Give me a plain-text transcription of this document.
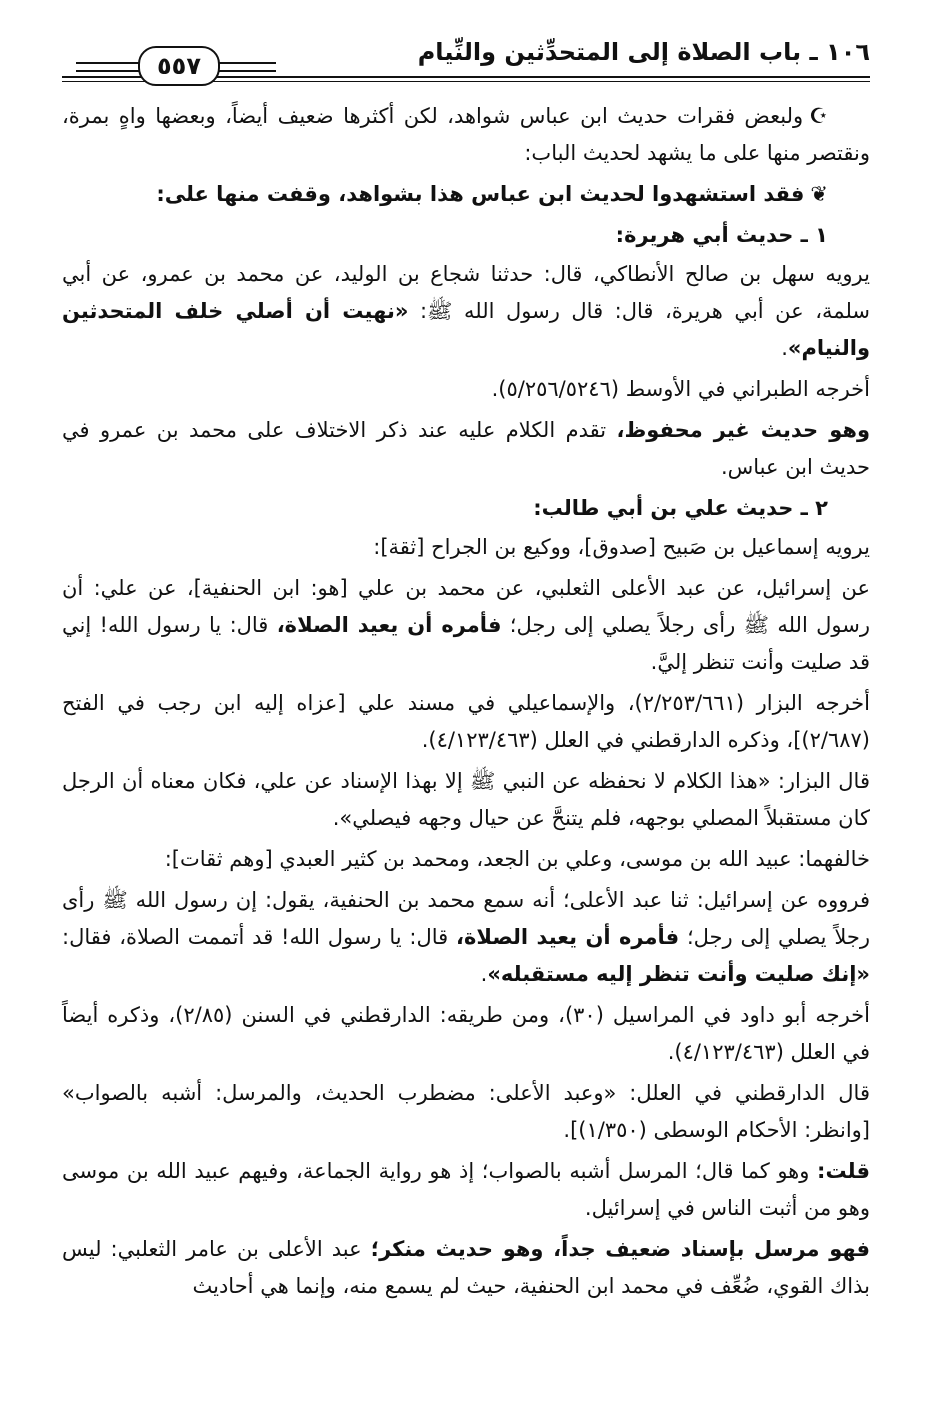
١٠٦ ـ باب الصلاة إلى المتحدِّثين والنِّيام
٥٥٧

☪ولبعض فقرات حديث ابن عباس شواهد، لكن أكثرها ضعيف أيضاً، وبعضها واهٍ بمرة، ونقتصر منها على ما يشهد لحديث الباب:

❦فقد استشهدوا لحديث ابن عباس هذا بشواهد، وقفت منها على:

١ ـ حديث أبي هريرة:

يرويه سهل بن صالح الأنطاكي، قال: حدثنا شجاع بن الوليد، عن محمد بن عمرو، عن أبي سلمة، عن أبي هريرة، قال: قال رسول الله ﷺ: «نهيت أن أصلي خلف المتحدثين والنيام».

أخرجه الطبراني في الأوسط (٥/٢٥٦/٥٢٤٦).

وهو حديث غير محفوظ، تقدم الكلام عليه عند ذكر الاختلاف على محمد بن عمرو في حديث ابن عباس.

٢ ـ حديث علي بن أبي طالب:

يرويه إسماعيل بن صَبيح [صدوق]، ووكيع بن الجراح [ثقة]:

عن إسرائيل، عن عبد الأعلى الثعلبي، عن محمد بن علي [هو: ابن الحنفية]، عن علي: أن رسول الله ﷺ رأى رجلاً يصلي إلى رجل؛ فأمره أن يعيد الصلاة، قال: يا رسول الله! إني قد صليت وأنت تنظر إليَّ.

أخرجه البزار (٢/٢٥٣/٦٦١)، والإسماعيلي في مسند علي [عزاه إليه ابن رجب في الفتح (٢/٦٨٧)]، وذكره الدارقطني في العلل (٤/١٢٣/٤٦٣).

قال البزار: «هذا الكلام لا نحفظه عن النبي ﷺ إلا بهذا الإسناد عن علي، فكان معناه أن الرجل كان مستقبلاً المصلي بوجهه، فلم يتنحَّ عن حيال وجهه فيصلي».

خالفهما: عبيد الله بن موسى، وعلي بن الجعد، ومحمد بن كثير العبدي [وهم ثقات]:

فرووه عن إسرائيل: ثنا عبد الأعلى؛ أنه سمع محمد بن الحنفية، يقول: إن رسول الله ﷺ رأى رجلاً يصلي إلى رجل؛ فأمره أن يعيد الصلاة، قال: يا رسول الله! قد أتممت الصلاة، فقال: «إنك صليت وأنت تنظر إليه مستقبله».

أخرجه أبو داود في المراسيل (٣٠)، ومن طريقه: الدارقطني في السنن (٢/٨٥)، وذكره أيضاً في العلل (٤/١٢٣/٤٦٣).

قال الدارقطني في العلل: «وعبد الأعلى: مضطرب الحديث، والمرسل: أشبه بالصواب» [وانظر: الأحكام الوسطى (١/٣٥٠)].

قلت: وهو كما قال؛ المرسل أشبه بالصواب؛ إذ هو رواية الجماعة، وفيهم عبيد الله بن موسى وهو من أثبت الناس في إسرائيل.

فهو مرسل بإسناد ضعيف جداً، وهو حديث منكر؛ عبد الأعلى بن عامر الثعلبي: ليس بذاك القوي، ضُعِّف في محمد ابن الحنفية، حيث لم يسمع منه، وإنما هي أحاديث
